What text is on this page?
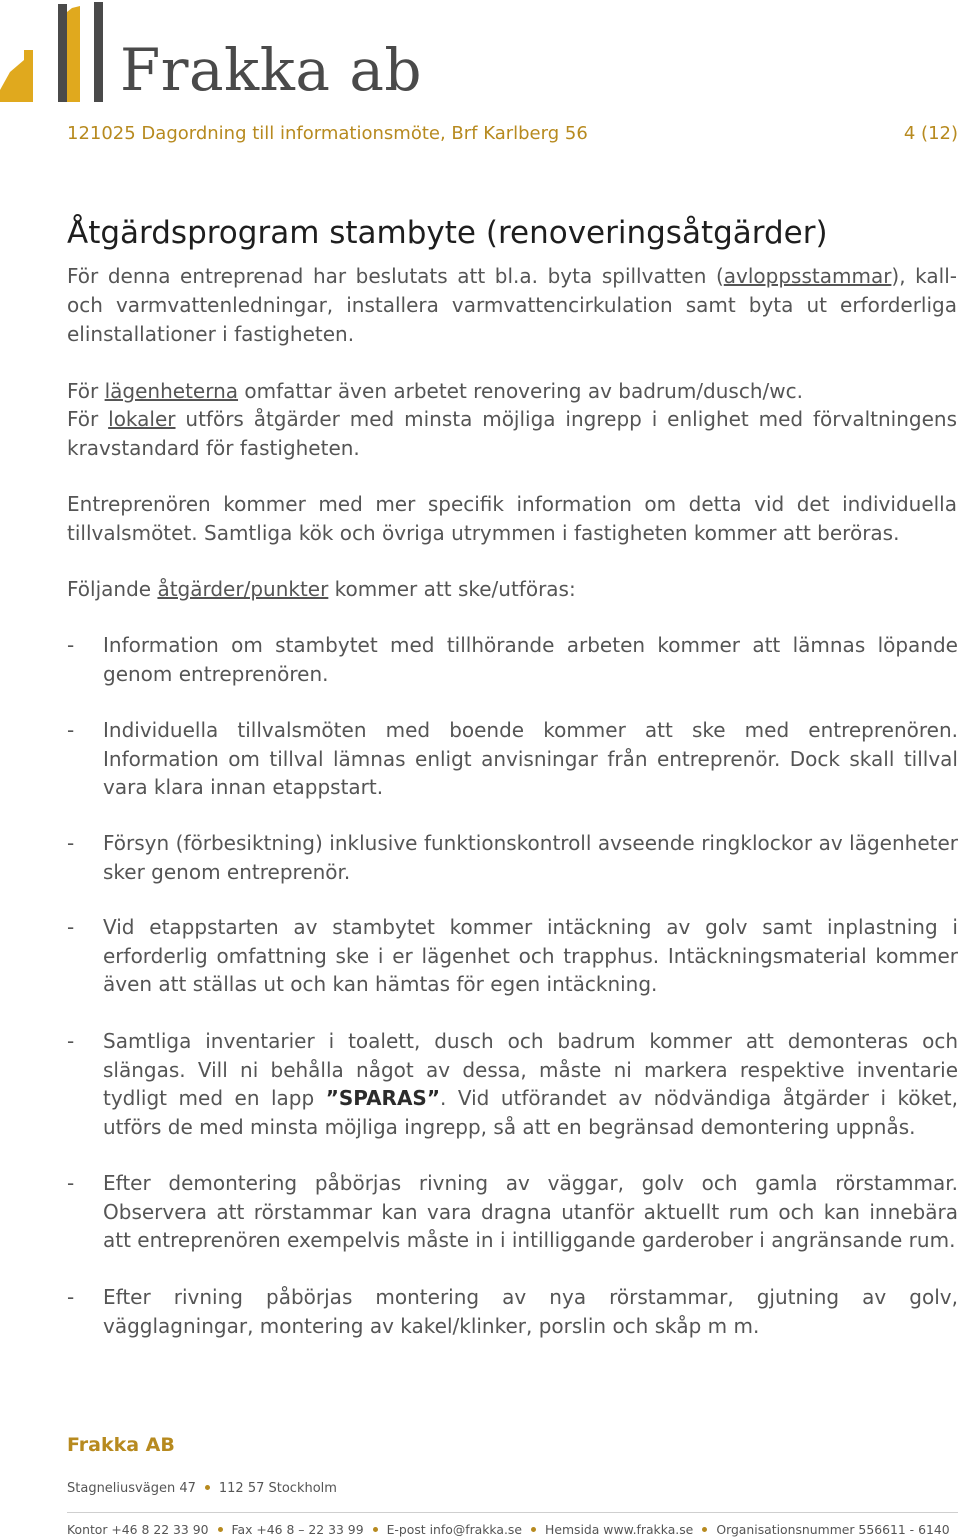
Frakka ab
121025 Dagordning till informationsmöte, Brf Karlberg 56	4 (12)
Åtgärdsprogram stambyte (renoveringsåtgärder)

För denna entreprenad har beslutats att bl.a. byta spillvatten (avloppsstammar), kall- och varmvattenledningar, installera varmvattencirkulation samt byta ut erforderliga elinstallationer i fastigheten.

För lägenheterna omfattar även arbetet renovering av badrum/dusch/wc.

För lokaler utförs åtgärder med minsta möjliga ingrepp i enlighet med förvaltningens kravstandard för fastigheten.

Entreprenören kommer med mer specifik information om detta vid det individuella tillvalsmötet. Samtliga kök och övriga utrymmen i fastigheten kommer att beröras.

Följande åtgärder/punkter kommer att ske/utföras:

- Information om stambytet med tillhörande arbeten kommer att lämnas löpande genom entreprenören.
- Individuella tillvalsmöten med boende kommer att ske med entreprenören. Information om tillval lämnas enligt anvisningar från entreprenör. Dock skall tillval vara klara innan etappstart.
- Försyn (förbesiktning) inklusive funktionskontroll avseende ringklockor av lägenheter sker genom entreprenör.
- Vid etappstarten av stambytet kommer intäckning av golv samt inplastning i erforderlig omfattning ske i er lägenhet och trapphus. Intäckningsmaterial kommer även att ställas ut och kan hämtas för egen intäckning.
- Samtliga inventarier i toalett, dusch och badrum kommer att demonteras och slängas. Vill ni behålla något av dessa, måste ni markera respektive inventarie tydligt med en lapp ”SPARAS”. Vid utförandet av nödvändiga åtgärder i köket, utförs de med minsta möjliga ingrepp, så att en begränsad demontering uppnås.
- Efter demontering påbörjas rivning av väggar, golv och gamla rörstammar. Observera att rörstammar kan vara dragna utanför aktuellt rum och kan innebära att entreprenören exempelvis måste in i intilliggande garderober i angränsande rum.
- Efter rivning påbörjas montering av nya rörstammar, gjutning av golv, vägglagningar, montering av kakel/klinker, porslin och skåp m m.
Frakka AB
Stagneliusvägen 47 112 57 Stockholm
Kontor +46 8 22 33 90 Fax +46 8 – 22 33 99 E-post info@frakka.se Hemsida www.frakka.se Organisationsnummer 556611 - 6140
